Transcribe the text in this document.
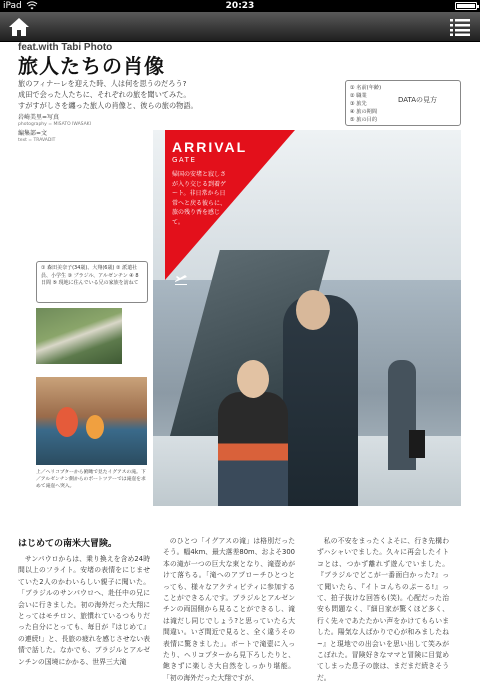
iPad	20:23
feat.with Tabi Photo
旅人たちの肖像
旅のフィナーレを迎えた時、人は何を思うのだろう?
成田で会った人たちに、それぞれの旅を聞いてみた。
すがすがしさを纏った旅人の肖像と、彼らの旅の物語。
岩崎美里=写真
photography = MISATO IWASAKI
編集部=文
text = TRAVADIT
① 名前(年齢)
② 職業
③ 旅先
④ 旅の期間
⑤ 旅の目的
DATAの見方
ARRIVAL
GATE
帰国の安堵と寂しさが入り交じる到着ゲート。非日常から日常へと戻る彼らに、旅の残り香を感じて。
① 森田美奈子(34歳)、大翔(6歳) ② 派遣社員、小学生 ③ ブラジル、アルゼンチン ④ 8日間 ⑤ 現地に住んでいる兄の家族を訪ねて
上／ヘリコプターから俯瞰で見たイグアスの滝。下／アルゼンチン側からのボートツアーでは滝壺を求めて滝壺へ突入。
はじめての南米大冒険。

サンパウロからは、乗り換えを含め24時間以上のフライト。安堵の表情をにじませていた2人のかわいらしい親子に聞いた。「ブラジルのサンパウロへ、赴任中の兄に会いに行きました。初の海外だった大翔にとってはモチロン、旅慣れているつもりだった自分にとっても、毎日が『はじめて』の連続!」と、長旅の疲れを感じさせない表情で話した。なかでも、ブラジルとアルゼンチンの国境にかかる、世界三大滝

のひとつ「イグアスの滝」は格別だったそう。幅4km、最大落差80m、およそ300本の滝が一つの巨大な束となり、滝壺めがけて落ちる。「滝へのアプローチひとつとっても、様々なアクティビティに参加することができるんです。ブラジルとアルゼンチンの両国側から見ることができるし、滝は滝だし同じでしょう?と思っていたら大間違い。いざ間近で見ると、全く違うその表情に驚きました」。ボートで滝壺に入ったり、ヘリコプターから見下ろしたりと、飽きずに楽しさ大自然をしっかり堪能。「初の海外だった大翔ですが、

私の不安をまったくよそに、行き先構わずハシャいでました。久々に再会したイトコとは、つかず離れず遊んでいました。『ブラジルでどこが一番面白かった?』って聞いたら、『イトコんちのぷーる!』って、拍子抜けな回答も(笑)。心配だった治安も問題なく、『細日家が驚くほど多く、行く先々であたたかい声をかけてもらいました。陽気な人ばかりで心が和みましたね~』と現地での出会いを思い出して笑みがこぼれた。冒険好きなママと冒険に目覚めてしまった息子の旅は、まだまだ続きそうだ。
